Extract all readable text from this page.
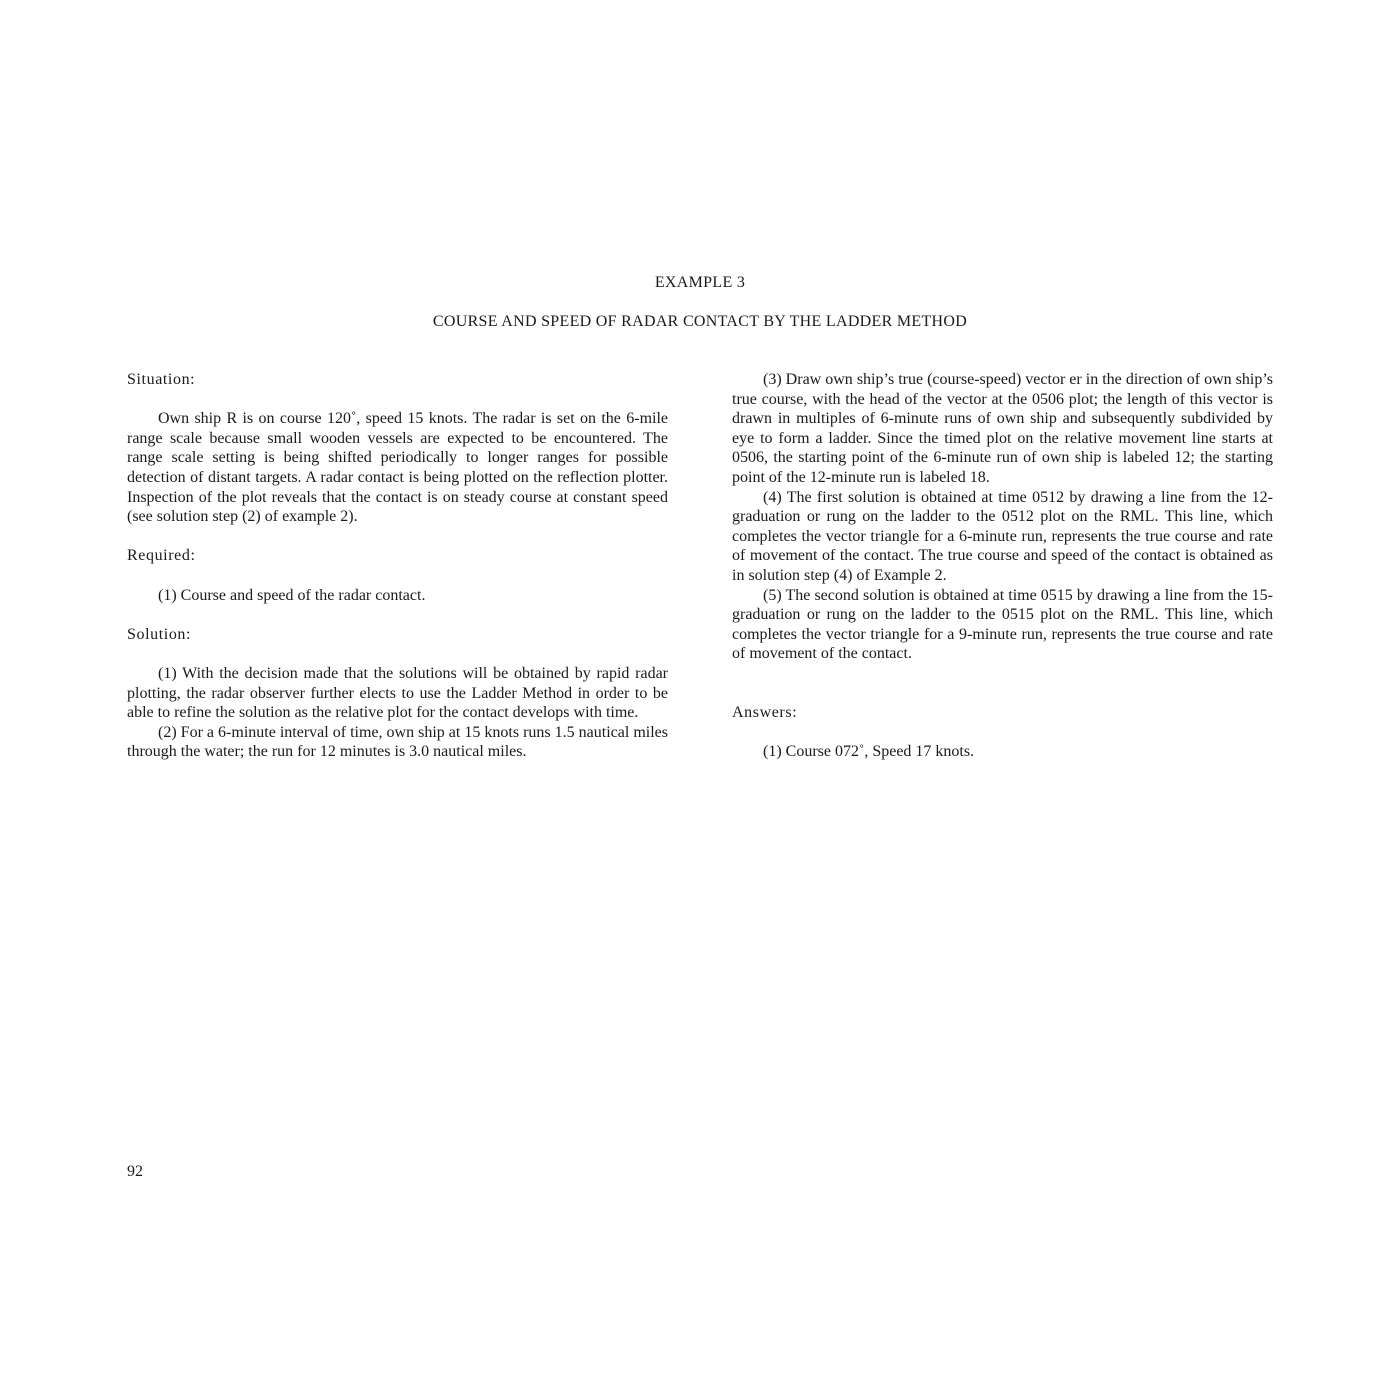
EXAMPLE 3
COURSE AND SPEED OF RADAR CONTACT BY THE LADDER METHOD

Situation:

Own ship R is on course 120˚, speed 15 knots. The radar is set on the 6-mile range scale because small wooden vessels are expected to be encountered. The range scale setting is being shifted periodically to longer ranges for possible detection of distant targets. A radar contact is being plotted on the reflection plotter. Inspection of the plot reveals that the contact is on steady course at constant speed (see solution step (2) of example 2).

Required:

(1) Course and speed of the radar contact.

Solution:

(1) With the decision made that the solutions will be obtained by rapid radar plotting, the radar observer further elects to use the Ladder Method in order to be able to refine the solution as the relative plot for the contact develops with time.

(2) For a 6-minute interval of time, own ship at 15 knots runs 1.5 nautical miles through the water; the run for 12 minutes is 3.0 nautical miles.

(3) Draw own ship’s true (course-speed) vector er in the direction of own ship’s true course, with the head of the vector at the 0506 plot; the length of this vector is drawn in multiples of 6-minute runs of own ship and subsequently subdivided by eye to form a ladder. Since the timed plot on the relative movement line starts at 0506, the starting point of the 6-minute run of own ship is labeled 12; the starting point of the 12-minute run is labeled 18.

(4) The first solution is obtained at time 0512 by drawing a line from the 12-graduation or rung on the ladder to the 0512 plot on the RML. This line, which completes the vector triangle for a 6-minute run, represents the true course and rate of movement of the contact. The true course and speed of the contact is obtained as in solution step (4) of Example 2.

(5) The second solution is obtained at time 0515 by drawing a line from the 15-graduation or rung on the ladder to the 0515 plot on the RML. This line, which completes the vector triangle for a 9-minute run, represents the true course and rate of movement of the contact.

Answers:

(1) Course 072˚, Speed 17 knots.

92
